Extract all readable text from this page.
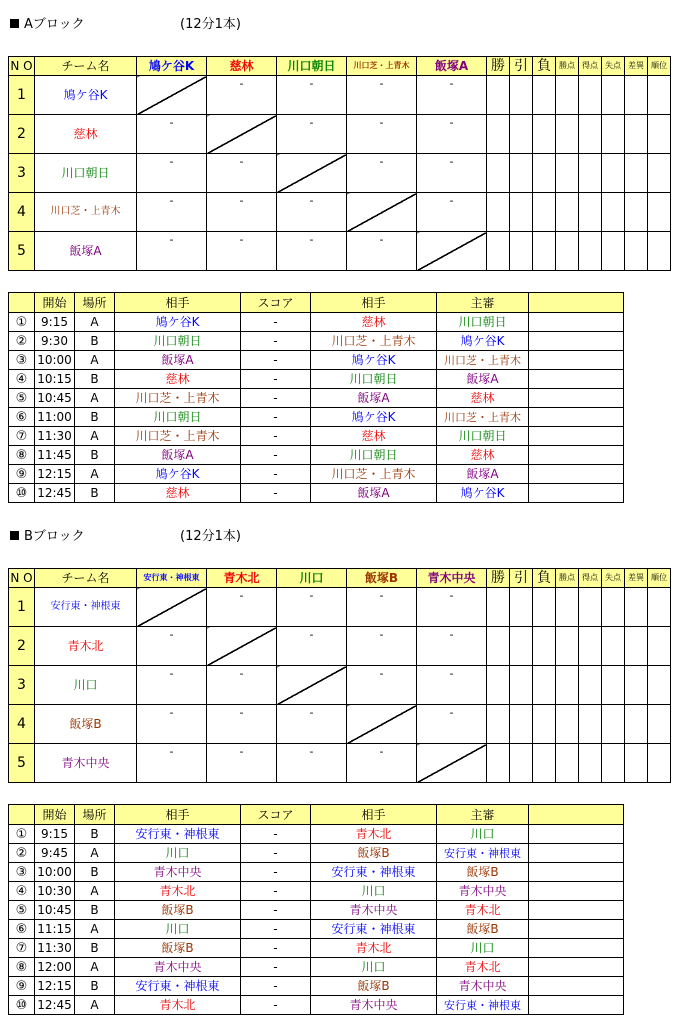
Aブロック	(12分1本)
N O	チーム名	鳩ケ谷K	慈林	川口朝日	川口芝・上青木	飯塚A	勝	引	負	勝点	得点	失点	差異	順位
1	鳩ケ谷K		-	-	-	-								

2	慈林	-		-	-	-								

3	川口朝日	-	-		-	-								

4	川口芝・上青木	-	-	-		-								

5	飯塚A	-	-	-	-									

	開始	場所	相手	スコア	相手	主審	
①	9:15	A	鳩ケ谷K	-	慈林	川口朝日	
②	9:30	B	川口朝日	-	川口芝・上青木	鳩ケ谷K	
③	10:00	A	飯塚A	-	鳩ケ谷K	川口芝・上青木	
④	10:15	B	慈林	-	川口朝日	飯塚A	
⑤	10:45	A	川口芝・上青木	-	飯塚A	慈林	
⑥	11:00	B	川口朝日	-	鳩ケ谷K	川口芝・上青木	
⑦	11:30	A	川口芝・上青木	-	慈林	川口朝日	
⑧	11:45	B	飯塚A	-	川口朝日	慈林	
⑨	12:15	A	鳩ケ谷K	-	川口芝・上青木	飯塚A	
⑩	12:45	B	慈林	-	飯塚A	鳩ケ谷K	
Bブロック	(12分1本)
N O	チーム名	安行東・神根東	青木北	川口	飯塚B	青木中央	勝	引	負	勝点	得点	失点	差異	順位
1	安行東・神根東		-	-	-	-								

2	青木北	-		-	-	-								

3	川口	-	-		-	-								

4	飯塚B	-	-	-		-								

5	青木中央	-	-	-	-									

	開始	場所	相手	スコア	相手	主審	
①	9:15	B	安行東・神根東	-	青木北	川口	
②	9:45	A	川口	-	飯塚B	安行東・神根東	
③	10:00	B	青木中央	-	安行東・神根東	飯塚B	
④	10:30	A	青木北	-	川口	青木中央	
⑤	10:45	B	飯塚B	-	青木中央	青木北	
⑥	11:15	A	川口	-	安行東・神根東	飯塚B	
⑦	11:30	B	飯塚B	-	青木北	川口	
⑧	12:00	A	青木中央	-	川口	青木北	
⑨	12:15	B	安行東・神根東	-	飯塚B	青木中央	
⑩	12:45	A	青木北	-	青木中央	安行東・神根東	
